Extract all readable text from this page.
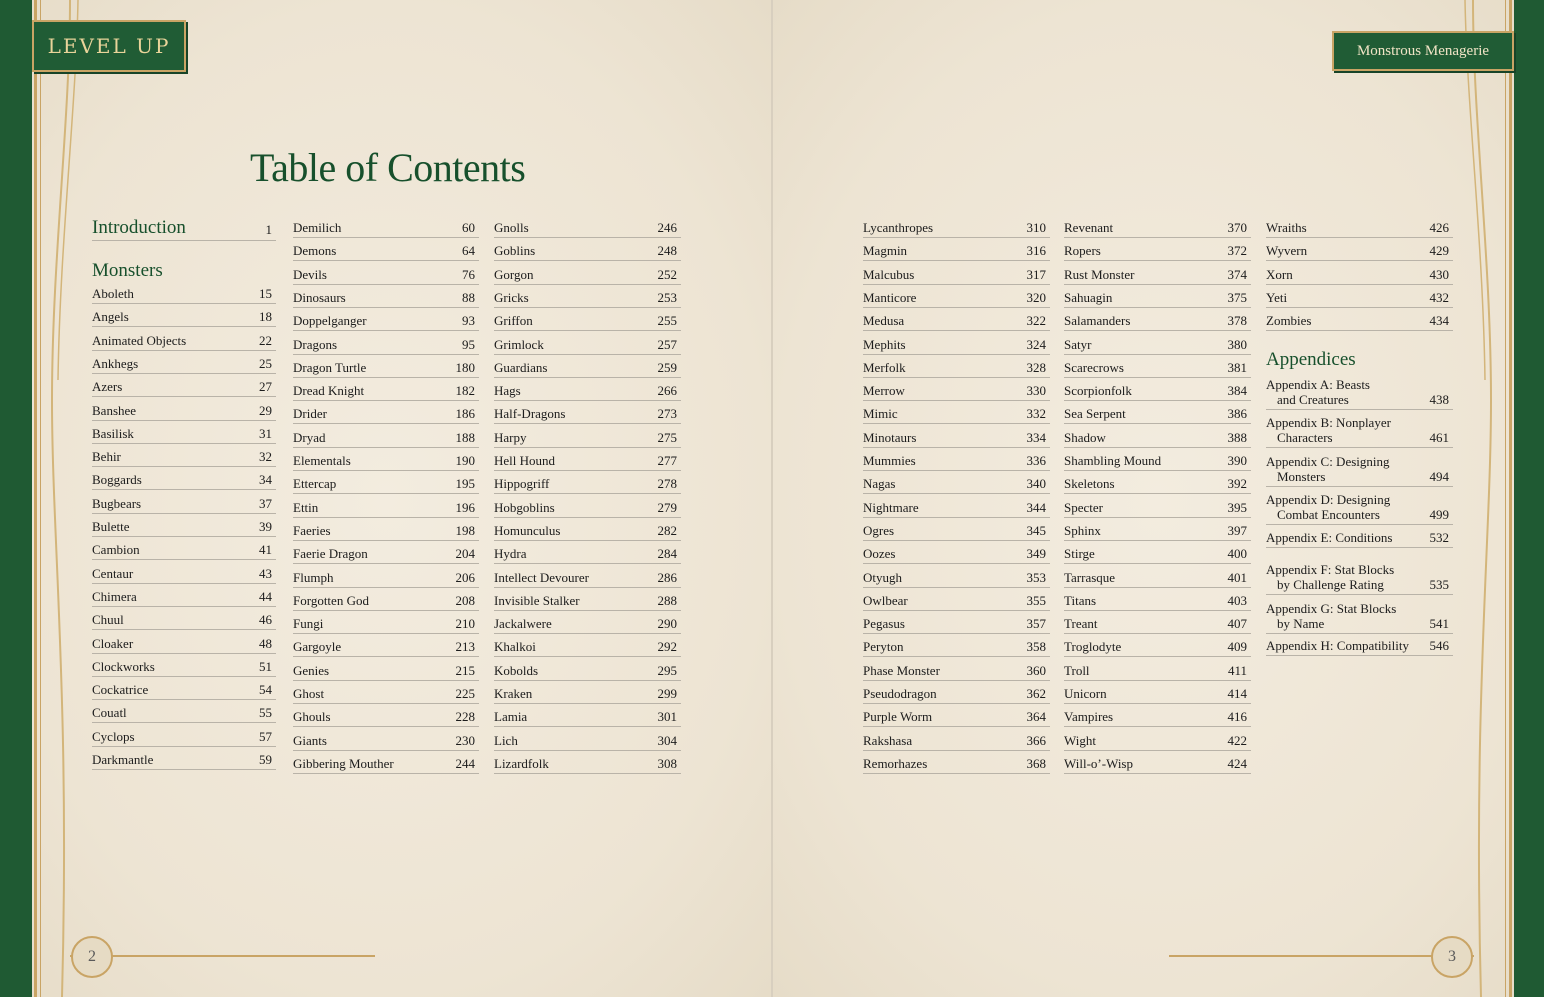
LEVEL UP
Table of Contents
Introduction	1
Monsters
Aboleth	15
Angels	18
Animated Objects	22
Ankhegs	25
Azers	27
Banshee	29
Basilisk	31
Behir	32
Boggards	34
Bugbears	37
Bulette	39
Cambion	41
Centaur	43
Chimera	44
Chuul	46
Cloaker	48
Clockworks	51
Cockatrice	54
Couatl	55
Cyclops	57
Darkmantle	59
Demilich	60
Demons	64
Devils	76
Dinosaurs	88
Doppelganger	93
Dragons	95
Dragon Turtle	180
Dread Knight	182
Drider	186
Dryad	188
Elementals	190
Ettercap	195
Ettin	196
Faeries	198
Faerie Dragon	204
Flumph	206
Forgotten God	208
Fungi	210
Gargoyle	213
Genies	215
Ghost	225
Ghouls	228
Giants	230
Gibbering Mouther	244
Gnolls	246
Goblins	248
Gorgon	252
Gricks	253
Griffon	255
Grimlock	257
Guardians	259
Hags	266
Half-Dragons	273
Harpy	275
Hell Hound	277
Hippogriff	278
Hobgoblins	279
Homunculus	282
Hydra	284
Intellect Devourer	286
Invisible Stalker	288
Jackalwere	290
Khalkoi	292
Kobolds	295
Kraken	299
Lamia	301
Lich	304
Lizardfolk	308
2
Monstrous Menagerie
Lycanthropes	310
Magmin	316
Malcubus	317
Manticore	320
Medusa	322
Mephits	324
Merfolk	328
Merrow	330
Mimic	332
Minotaurs	334
Mummies	336
Nagas	340
Nightmare	344
Ogres	345
Oozes	349
Otyugh	353
Owlbear	355
Pegasus	357
Peryton	358
Phase Monster	360
Pseudodragon	362
Purple Worm	364
Rakshasa	366
Remorhazes	368
Revenant	370
Ropers	372
Rust Monster	374
Sahuagin	375
Salamanders	378
Satyr	380
Scarecrows	381
Scorpionfolk	384
Sea Serpent	386
Shadow	388
Shambling Mound	390
Skeletons	392
Specter	395
Sphinx	397
Stirge	400
Tarrasque	401
Titans	403
Treant	407
Troglodyte	409
Troll	411
Unicorn	414
Vampires	416
Wight	422
Will-o’-Wisp	424
Appendices
Wraiths	426
Wyvern	429
Xorn	430
Yeti	432
Zombies	434
Appendix A: Beasts
and Creatures	438
Appendix B: Nonplayer
Characters	461
Appendix C: Designing
Monsters	494
Appendix D: Designing
Combat Encounters	499
Appendix E: Conditions	532
Appendix F: Stat Blocks
by Challenge Rating	535
Appendix G: Stat Blocks
by Name	541
Appendix H: Compatibility 546
3
